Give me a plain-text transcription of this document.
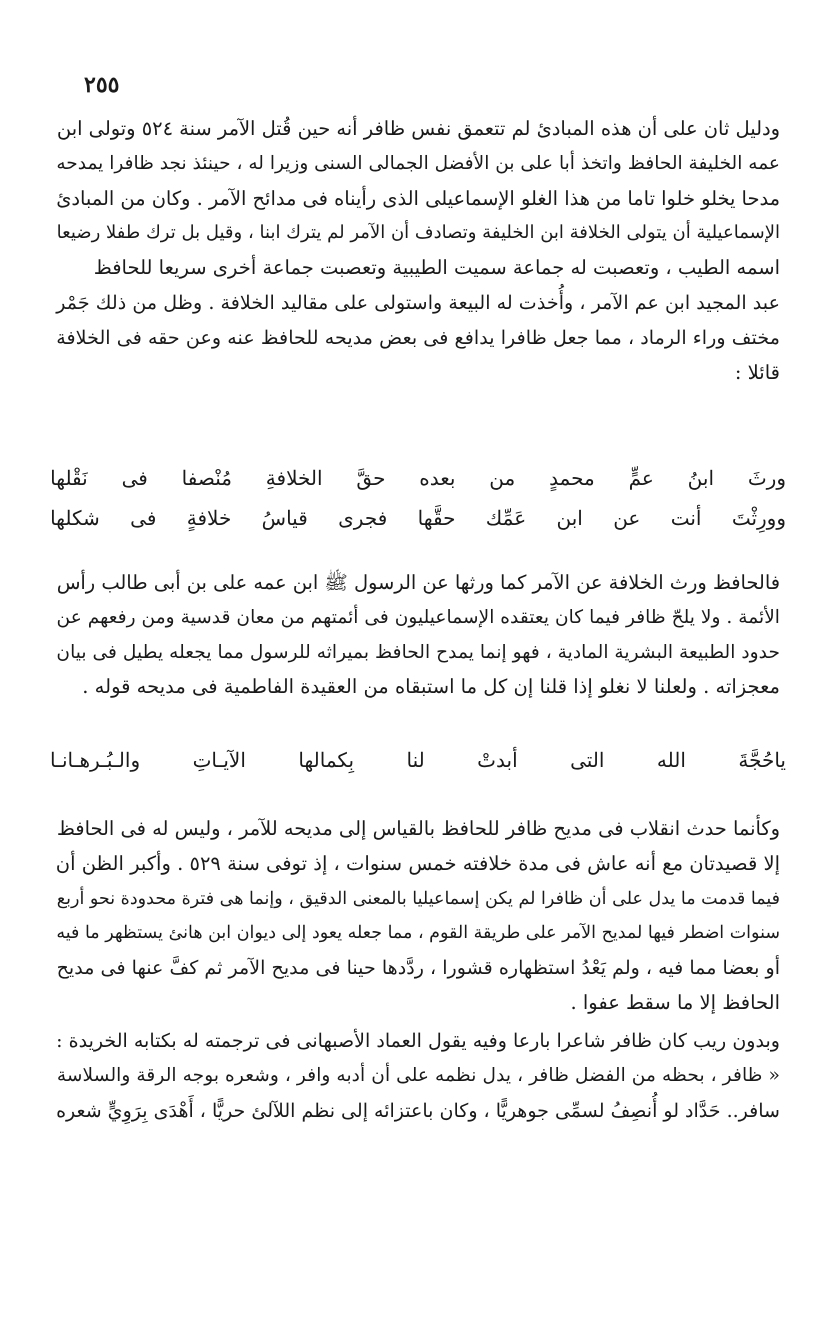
٢٥٥
ودليل ثان على أن هذه المبادئ لم تتعمق نفس ظافر أنه حين قُتل الآمر سنة ٥٢٤ وتولى ابن
عمه الخليفة الحافظ واتخذ أبا على بن الأفضل الجمالى السنى وزيرا له ، حينئذ نجد ظافرا يمدحه
مدحا يخلو خلوا تاما من هذا الغلو الإسماعيلى الذى رأيناه فى مدائح الآمر . وكان من المبادئ
الإسماعيلية أن يتولى الخلافة ابن الخليفة وتصادف أن الآمر لم يترك ابنا ، وقيل بل ترك طفلا رضيعا
اسمه الطيب ، وتعصبت له جماعة سميت الطيبية وتعصبت جماعة أخرى سريعا للحافظ
عبد المجيد ابن عم الآمر ، وأُخذت له البيعة واستولى على مقاليد الخلافة . وظل من ذلك جَمْر
مختف وراء الرماد ، مما جعل ظافرا يدافع فى بعض مديحه للحافظ عنه وعن حقه فى الخلافة
قائلا :
ورثَ
ابنُ
عمٍّ
محمدٍ
من
بعده
حقَّ
الخلافةِ
مُنْصفا
فى
نَقْلها
وورِثْتَ
أنت
عن
ابن
عَمِّك
حقَّها
فجرى
قياسُ
خلافةٍ
فى
شكلها
فالحافظ ورث الخلافة عن الآمر كما ورثها عن الرسول ﷺ ابن عمه على بن أبى طالب رأس
الأئمة . ولا يلحّ ظافر فيما كان يعتقده الإسماعيليون فى أئمتهم من معان قدسية ومن رفعهم عن
حدود الطبيعة البشرية المادية ، فهو إنما يمدح الحافظ بميراثه للرسول مما يجعله يطيل فى بيان
معجزاته . ولعلنا لا نغلو إذا قلنا إن كل ما استبقاه من العقيدة الفاطمية فى مديحه قوله .
ياحُجَّةَ
الله
التى
أبدتْ
لنا
بِكمالها
الآيـاتِ
والـبُـرهـانـا
وكأنما حدث انقلاب فى مديح ظافر للحافظ بالقياس إلى مديحه للآمر ، وليس له فى الحافظ
إلا قصيدتان مع أنه عاش فى مدة خلافته خمس سنوات ، إذ توفى سنة ٥٢٩ . وأكبر الظن أن
فيما قدمت ما يدل على أن ظافرا لم يكن إسماعيليا بالمعنى الدقيق ، وإنما هى فترة محدودة نحو أربع
سنوات اضطر فيها لمديح الآمر على طريقة القوم ، مما جعله يعود إلى ديوان ابن هانئ يستظهر ما فيه
أو بعضا مما فيه ، ولم يَعْدُ استظهاره قشورا ، ردَّدها حينا فى مديح الآمر ثم كفَّ عنها فى مديح
الحافظ إلا ما سقط عفوا .
وبدون ريب كان ظافر شاعرا بارعا وفيه يقول العماد الأصبهانى فى ترجمته له بكتابه الخريدة :
« ظافر ، بحظه من الفضل ظافر ، يدل نظمه على أن أدبه وافر ، وشعره بوجه الرقة والسلاسة
سافر.. حَدَّاد لو أُنصِفُ لسمِّى جوهريًّا ، وكان باعتزائه إلى نظم اللآلئ حريًّا ، أَهْدَى بِرَوِيٍّ شعره
